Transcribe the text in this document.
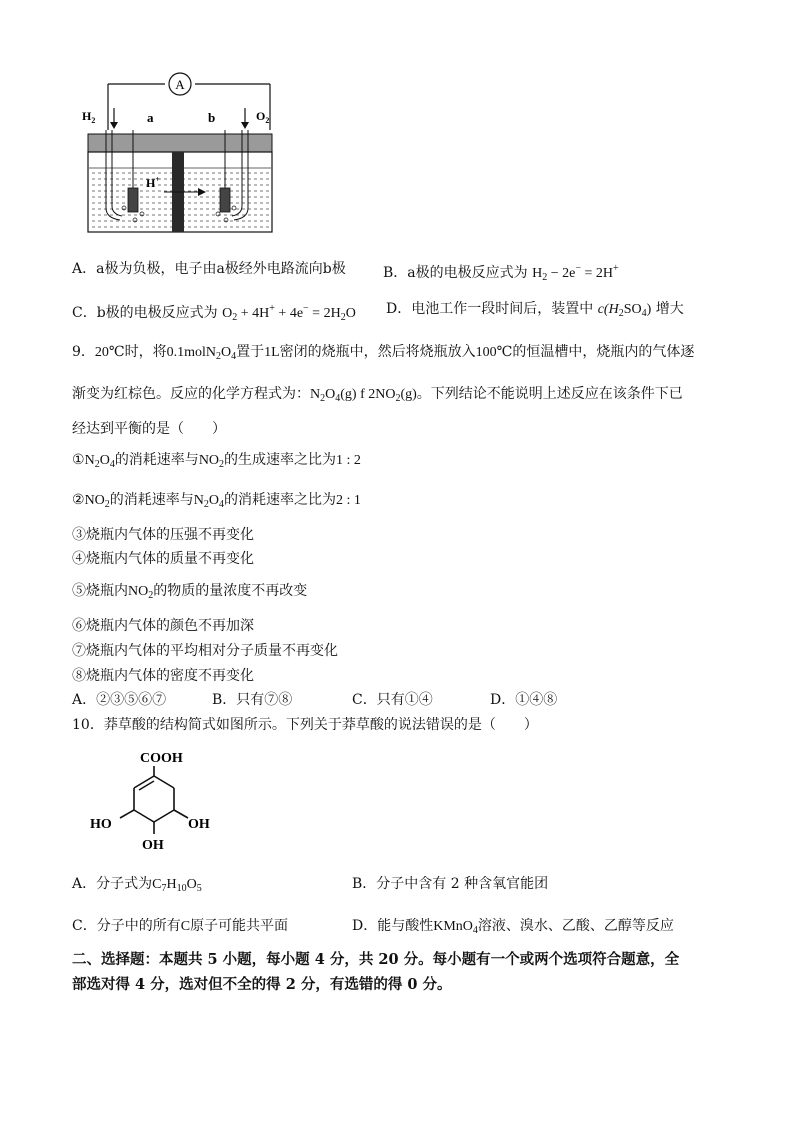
A
$H_2$	$O_2$
a	b
H+
A．a极为负极，电子由a极经外电路流向b极	B．a极的电极反应式为 $H_2 - 2e^- = 2H^+$
C．b极的电极反应式为 $O_2 + 4H^+ + 4e^- = 2H_2O$ D．电池工作一段时间后，装置中 $c(H_2SO_4)$ 增大
9．20℃时，将$0.1molN_2O_4$置于1L密闭的烧瓶中，然后将烧瓶放入100℃的恒温槽中，烧瓶内的气体逐
渐变为红棕色。反应的化学方程式为：$N_2O_4(g)$ f $2NO_2(g)$。下列结论不能说明上述反应在该条件下已
经达到平衡的是（　　）
$①N_2O_4$的消耗速率与$NO_2$的生成速率之比为1 : 2
$②NO_2$的消耗速率与$N_2O_4$的消耗速率之比为2 : 1
③烧瓶内气体的压强不再变化
④烧瓶内气体的质量不再变化
⑤烧瓶内$NO_2$的物质的量浓度不再改变
⑥烧瓶内气体的颜色不再加深
⑦烧瓶内气体的平均相对分子质量不再变化
⑧烧瓶内气体的密度不再变化
A．②③⑤⑥⑦	B．只有⑦⑧	C．只有①④	D．①④⑧
10．莽草酸的结构简式如图所示。下列关于莽草酸的说法错误的是（　　）
COOH
HO	OH
OH
A．分子式为$C_7H_{10}O_5$	B．分子中含有 2 种含氧官能团
C．分子中的所有C原子可能共平面	D．能与酸性KMnO$_4$溶液、溴水、乙酸、乙醇等反应
二、选择题：本题共 5 小题，每小题 4 分，共 20 分。每小题有一个或两个选项符合题意，全
部选对得 4 分，选对但不全的得 2 分，有选错的得 0 分。
